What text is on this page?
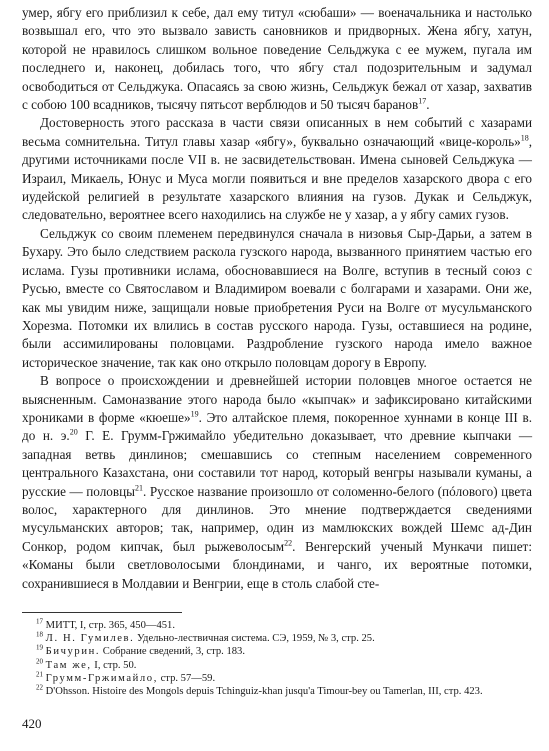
умер, ябгу его приблизил к себе, дал ему титул «сюбаши» — военачальника и настолько возвышал его, что это вызвало зависть сановников и придворных. Жена ябгу, хатун, которой не нравилось слишком вольное поведение Сельджука с ее мужем, пугала им последнего и, наконец, добилась того, что ябгу стал подозрительным и задумал освободиться от Сельджука. Опасаясь за свою жизнь, Сельджук бежал от хазар, захватив с собою 100 всадников, тысячу пятьсот верблюдов и 50 тысяч баранов$^{17}$.

Достоверность этого рассказа в части связи описанных в нем событий с хазарами весьма сомнительна. Титул главы хазар «ябгу», буквально означающий «вице-король»$^{18}$, другими источниками после VII в. не засвидетельствован. Имена сыновей Сельджука — Израил, Микаель, Юнус и Муса могли появиться и вне пределов хазарского двора с его иудейской религией в результате хазарского влияния на гузов. Дукак и Сельджук, следовательно, вероятнее всего находились на службе не у хазар, а у ябгу самих гузов.

Сельджук со своим племенем передвинулся сначала в низовья Сыр-Дарьи, а затем в Бухару. Это было следствием раскола гузского народа, вызванного принятием частью его ислама. Гузы противники ислама, обосновавшиеся на Волге, вступив в тесный союз с Русью, вместе со Святославом и Владимиром воевали с болгарами и хазарами. Они же, как мы увидим ниже, защищали новые приобретения Руси на Волге от мусульманского Хорезма. Потомки их влились в состав русского народа. Гузы, оставшиеся на родине, были ассимилированы половцами. Раздробление гузского народа имело важное историческое значение, так как оно открыло половцам дорогу в Европу.

В вопросе о происхождении и древнейшей истории половцев многое остается не выясненным. Самоназвание этого народа было «кыпчак» и зафиксировано китайскими хрониками в форме «кюеше»$^{19}$. Это алтайское племя, покоренное хуннами в конце III в. до н. э.$^{20}$ Г. Е. Грумм-Гржимайло убедительно доказывает, что древние кыпчаки — западная ветвь динлинов; смешавшись со степным населением современного центрального Казахстана, они составили тот народ, который венгры называли куманы, а русские — половцы$^{21}$. Русское название произошло от соломенно-белого (пóлового) цвета волос, характерного для динлинов. Это мнение подтверждается сведениями мусульманских авторов; так, например, один из мамлюкских вождей Шемс ад-Дин Сонкор, родом кипчак, был рыжеволосым$^{22}$. Венгерский ученый Мункачи пишет: «Команы были светловолосыми блондинами, и чанго, их вероятные потомки, сохранившиеся в Молдавии и Венгрии, еще в столь слабой сте-

$^{17}$ МИТТ, I, стр. 365, 450—451.

$^{18}$ Л. Н. Гумилев. Удельно-лествичная система. СЭ, 1959, № 3, стр. 25.

$^{19}$ Бичурин. Собрание сведений, 3, стр. 183.

$^{20}$ Там же, I, стр. 50.

$^{21}$ Грумм-Гржимайло, стр. 57—59.

$^{22}$ D'Ohsson. Histoire des Mongols depuis Tchinguiz-khan jusqu'a Timour-bey ou Tamerlan, III, стр. 423.

420
